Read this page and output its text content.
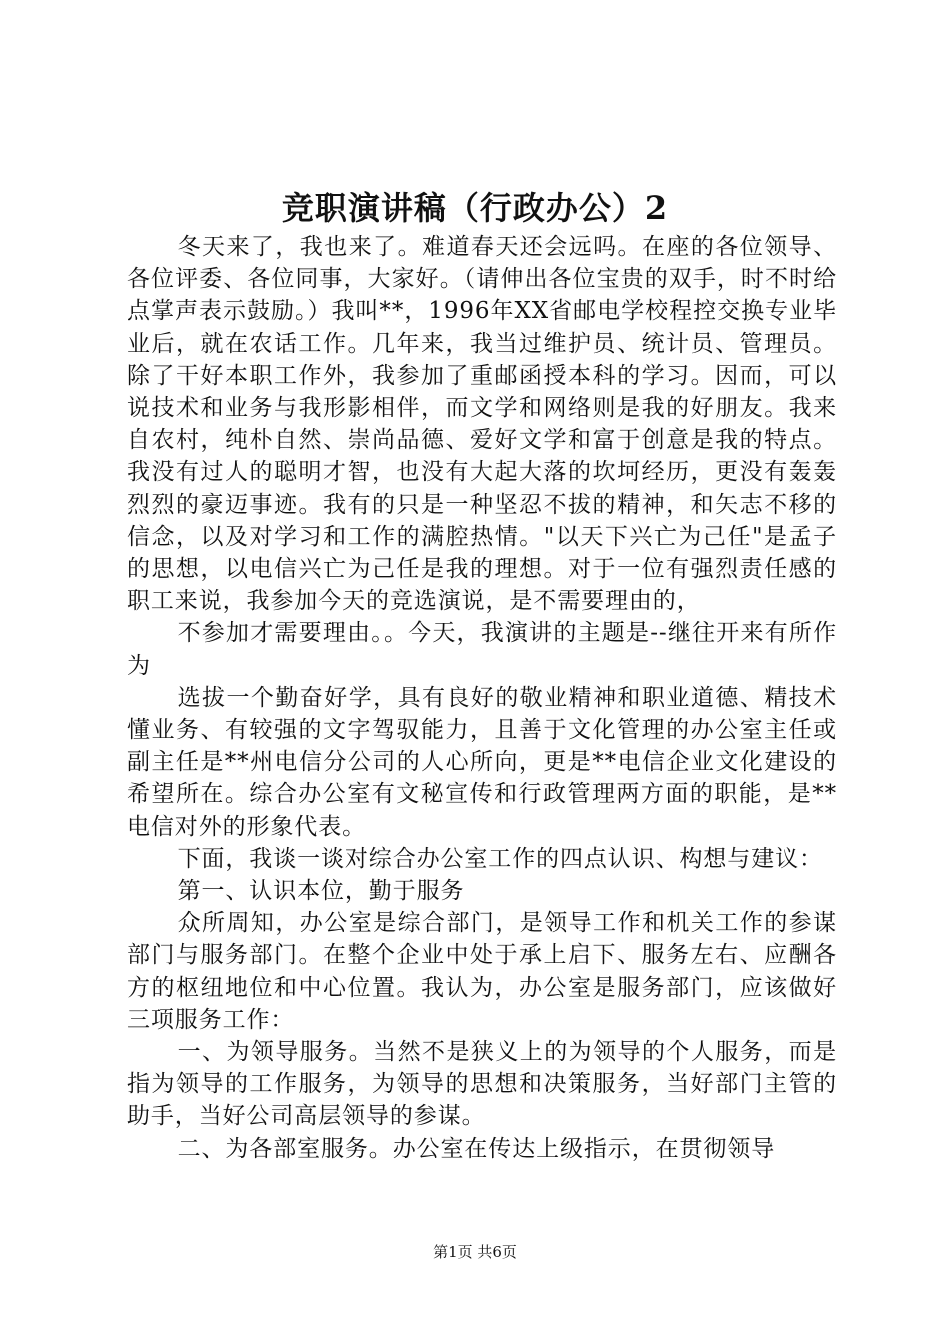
竞职演讲稿（行政办公）2

冬天来了，我也来了。难道春天还会远吗。在座的各位领导、各位评委、各位同事，大家好。（请伸出各位宝贵的双手，时不时给点掌声表示鼓励。）我叫**，1996年XX省邮电学校程控交换专业毕业后，就在农话工作。几年来，我当过维护员、统计员、管理员。除了干好本职工作外，我参加了重邮函授本科的学习。因而，可以说技术和业务与我形影相伴，而文学和网络则是我的好朋友。我来自农村，纯朴自然、崇尚品德、爱好文学和富于创意是我的特点。我没有过人的聪明才智，也没有大起大落的坎坷经历，更没有轰轰烈烈的豪迈事迹。我有的只是一种坚忍不拔的精神，和矢志不移的信念，以及对学习和工作的满腔热情。"以天下兴亡为己任"是孟子的思想，以电信兴亡为己任是我的理想。对于一位有强烈责任感的职工来说，我参加今天的竞选演说，是不需要理由的，

不参加才需要理由。。今天，我演讲的主题是--继往开来有所作为

选拔一个勤奋好学，具有良好的敬业精神和职业道德、精技术懂业务、有较强的文字驾驭能力，且善于文化管理的办公室主任或副主任是**州电信分公司的人心所向，更是**电信企业文化建设的希望所在。综合办公室有文秘宣传和行政管理两方面的职能，是**电信对外的形象代表。

下面，我谈一谈对综合办公室工作的四点认识、构想与建议：

第一、认识本位，勤于服务

众所周知，办公室是综合部门，是领导工作和机关工作的参谋部门与服务部门。在整个企业中处于承上启下、服务左右、应酬各方的枢纽地位和中心位置。我认为，办公室是服务部门，应该做好三项服务工作：

一、为领导服务。当然不是狭义上的为领导的个人服务，而是指为领导的工作服务，为领导的思想和决策服务，当好部门主管的助手，当好公司高层领导的参谋。

二、为各部室服务。办公室在传达上级指示，在贯彻领导

第1页 共6页
